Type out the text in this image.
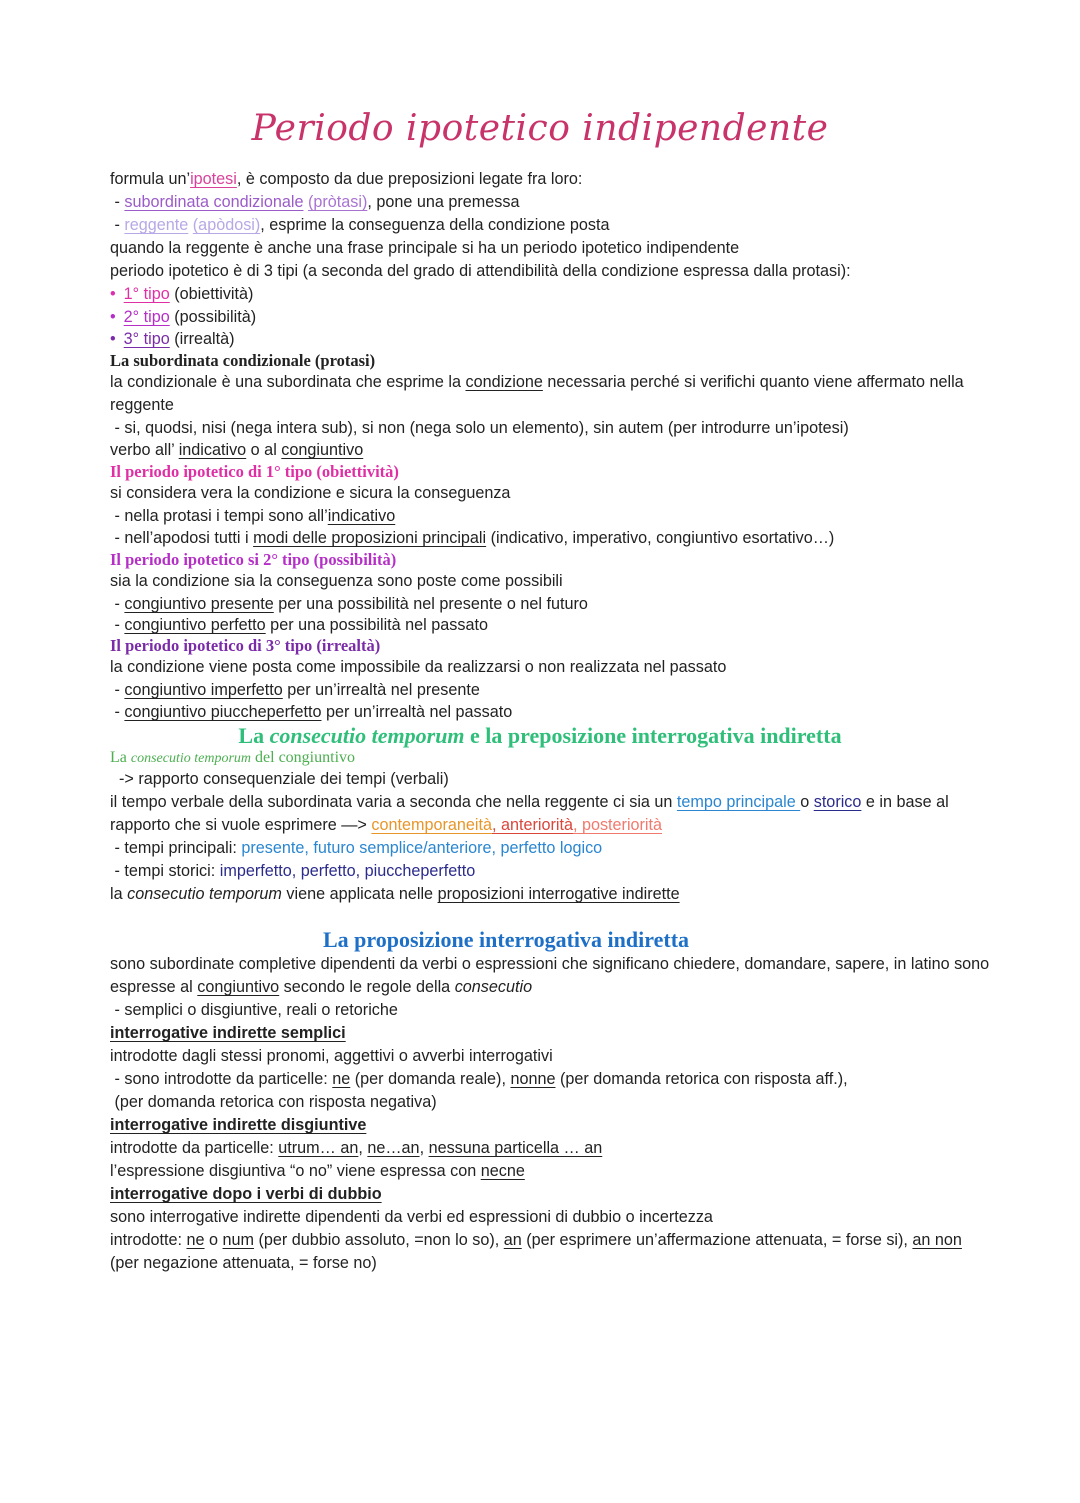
Periodo ipotetico indipendente
formula un’ipotesi, è composto da due preposizioni legate fra loro:
- subordinata condizionale (pròtasi), pone una premessa
- reggente (apòdosi), esprime la conseguenza della condizione posta
quando la reggente è anche una frase principale si ha un periodo ipotetico indipendente
periodo ipotetico è di 3 tipi (a seconda del grado di attendibilità della condizione espressa dalla protasi):
• 1° tipo (obiettività)
• 2° tipo (possibilità)
• 3° tipo (irrealtà)
La subordinata condizionale (protasi)
la condizionale è una subordinata che esprime la condizione necessaria perché si verifichi quanto viene affermato nella reggente
- si, quodsi, nisi (nega intera sub), si non (nega solo un elemento), sin autem (per introdurre un’ipotesi)
verbo all’ indicativo o al congiuntivo
Il periodo ipotetico di 1° tipo (obiettività)
si considera vera la condizione e sicura la conseguenza
- nella protasi i tempi sono all’indicativo
- nell’apodosi tutti i modi delle proposizioni principali (indicativo, imperativo, congiuntivo esortativo…)
Il periodo ipotetico si 2° tipo (possibilità)
sia la condizione sia la conseguenza sono poste come possibili
- congiuntivo presente per una possibilità nel presente o nel futuro
- congiuntivo perfetto per una possibilità nel passato
Il periodo ipotetico di 3° tipo (irrealtà)
la condizione viene posta come impossibile da realizzarsi o non realizzata nel passato
- congiuntivo imperfetto per un’irrealtà nel presente
- congiuntivo piuccheperfetto per un’irrealtà nel passato
La consecutio temporum e la preposizione interrogativa indiretta
La consecutio temporum del congiuntivo
-> rapporto consequenziale dei tempi (verbali)
il tempo verbale della subordinata varia a seconda che nella reggente ci sia un tempo principale o storico e in base al rapporto che si vuole esprimere —> contemporaneità, anteriorità, posteriorità
- tempi principali: presente, futuro semplice/anteriore, perfetto logico
- tempi storici: imperfetto, perfetto, piuccheperfetto
la consecutio temporum viene applicata nelle proposizioni interrogative indirette
La proposizione interrogativa indiretta
sono subordinate completive dipendenti da verbi o espressioni che significano chiedere, domandare, sapere, in latino sono espresse al congiuntivo secondo le regole della consecutio
- semplici o disgiuntive, reali o retoriche
interrogative indirette semplici
introdotte dagli stessi pronomi, aggettivi o avverbi interrogativi
- sono introdotte da particelle: ne (per domanda reale), nonne (per domanda retorica con risposta aff.),
(per domanda retorica con risposta negativa)
interrogative indirette disgiuntive
introdotte da particelle: utrum… an, ne…an, nessuna particella … an
l’espressione disgiuntiva “o no” viene espressa con necne
interrogative dopo i verbi di dubbio
sono interrogative indirette dipendenti da verbi ed espressioni di dubbio o incertezza
introdotte: ne o num (per dubbio assoluto, =non lo so), an (per esprimere un’affermazione attenuata, = forse si), an non (per negazione attenuata, = forse no)
